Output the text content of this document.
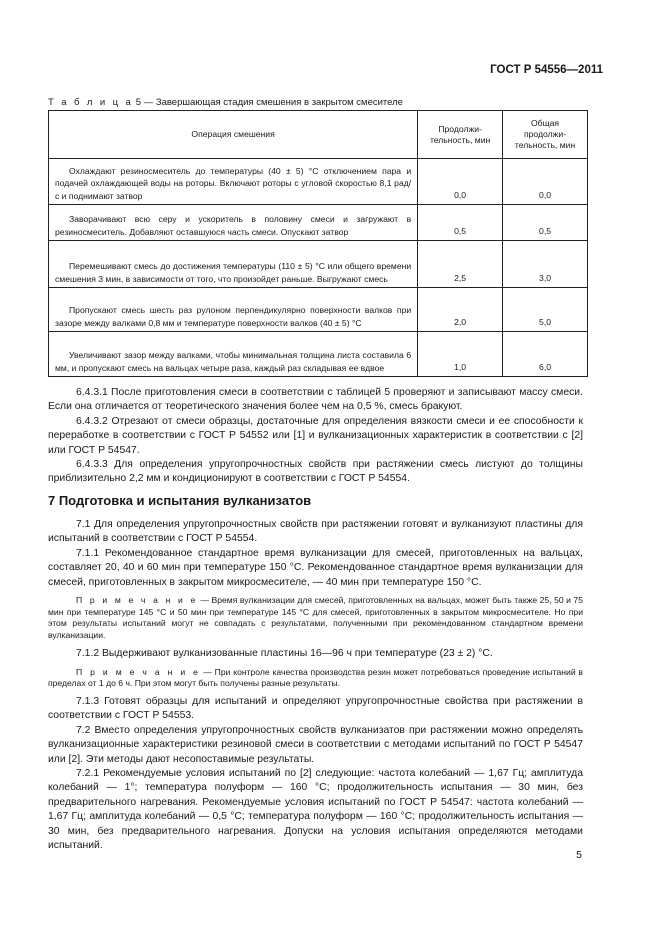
ГОСТ Р 54556—2011
Т а б л и ц а 5 — Завершающая стадия смешения в закрытом смесителе
Операция смешения	Продолжи-тельность, мин	Общая продолжи-тельность, мин
Охлаждают резиносмеситель до температуры (40 ± 5) °С отключением пара и подачей охлаждающей воды на роторы. Включают роторы с угловой скоростью 8,1 рад/с и поднимают затвор	0,0	0,0
Заворачивают всю серу и ускоритель в половину смеси и загружают в резиносмеситель. Добавляют оставшуюся часть смеси. Опускают затвор	0,5	0,5
Перемешивают смесь до достижения температуры (110 ± 5) °С или общего времени смешения 3 мин, в зависимости от того, что произойдет раньше. Выгружают смесь	2,5	3,0
Пропускают смесь шесть раз рулоном перпендикулярно поверхности валков при зазоре между валками 0,8 мм и температуре поверхности валков (40 ± 5) °С	2,0	5,0
Увеличивают зазор между валками, чтобы минимальная толщина листа составила 6 мм, и пропускают смесь на вальцах четыре раза, каждый раз складывая ее вдвое	1,0	6,0

6.4.3.1 После приготовления смеси в соответствии с таблицей 5 проверяют и записывают массу смеси. Если она отличается от теоретического значения более чем на 0,5 %, смесь бракуют.

6.4.3.2 Отрезают от смеси образцы, достаточные для определения вязкости смеси и ее способности к переработке в соответствии с ГОСТ Р 54552 или [1] и вулканизационных характеристик в соответствии с [2] или ГОСТ Р 54547.

6.4.3.3 Для определения упругопрочностных свойств при растяжении смесь листуют до толщины приблизительно 2,2 мм и кондиционируют в соответствии с ГОСТ Р 54554.

7 Подготовка и испытания вулканизатов

7.1 Для определения упругопрочностных свойств при растяжении готовят и вулканизуют пластины для испытаний в соответствии с ГОСТ Р 54554.

7.1.1 Рекомендованное стандартное время вулканизации для смесей, приготовленных на вальцах, составляет 20, 40 и 60 мин при температуре 150 °С. Рекомендованное стандартное время вулканизации для смесей, приготовленных в закрытом микросмесителе, — 40 мин при температуре 150 °С.

П р и м е ч а н и е — Время вулканизации для смесей, приготовленных на вальцах, может быть также 25, 50 и 75 мин при температуре 145 °С и 50 мин при температуре 145 °С для смесей, приготовленных в закрытом микросмесителе. Но при этом результаты испытаний могут не совпадать с результатами, полученными при рекомендованном стандартном времени вулканизации.

7.1.2 Выдерживают вулканизованные пластины 16—96 ч при температуре (23 ± 2) °С.

П р и м е ч а н и е — При контроле качества производства резин может потребоваться проведение испытаний в пределах от 1 до 6 ч. При этом могут быть получены разные результаты.

7.1.3 Готовят образцы для испытаний и определяют упругопрочностные свойства при растяжении в соответствии с ГОСТ Р 54553.

7.2 Вместо определения упругопрочностных свойств вулканизатов при растяжении можно определять вулканизационные характеристики резиновой смеси в соответствии с методами испытаний по ГОСТ Р 54547 или [2]. Эти методы дают несопоставимые результаты.

7.2.1 Рекомендуемые условия испытаний по [2] следующие: частота колебаний — 1,67 Гц; амплитуда колебаний — 1°; температура полуформ — 160 °С; продолжительность испытания — 30 мин, без предварительного нагревания. Рекомендуемые условия испытаний по ГОСТ Р 54547: частота колебаний — 1,67 Гц; амплитуда колебаний — 0,5 °С; температура полуформ — 160 °С; продолжительность испытания — 30 мин, без предварительного нагревания. Допуски на условия испытания определяются методами испытаний.

5
